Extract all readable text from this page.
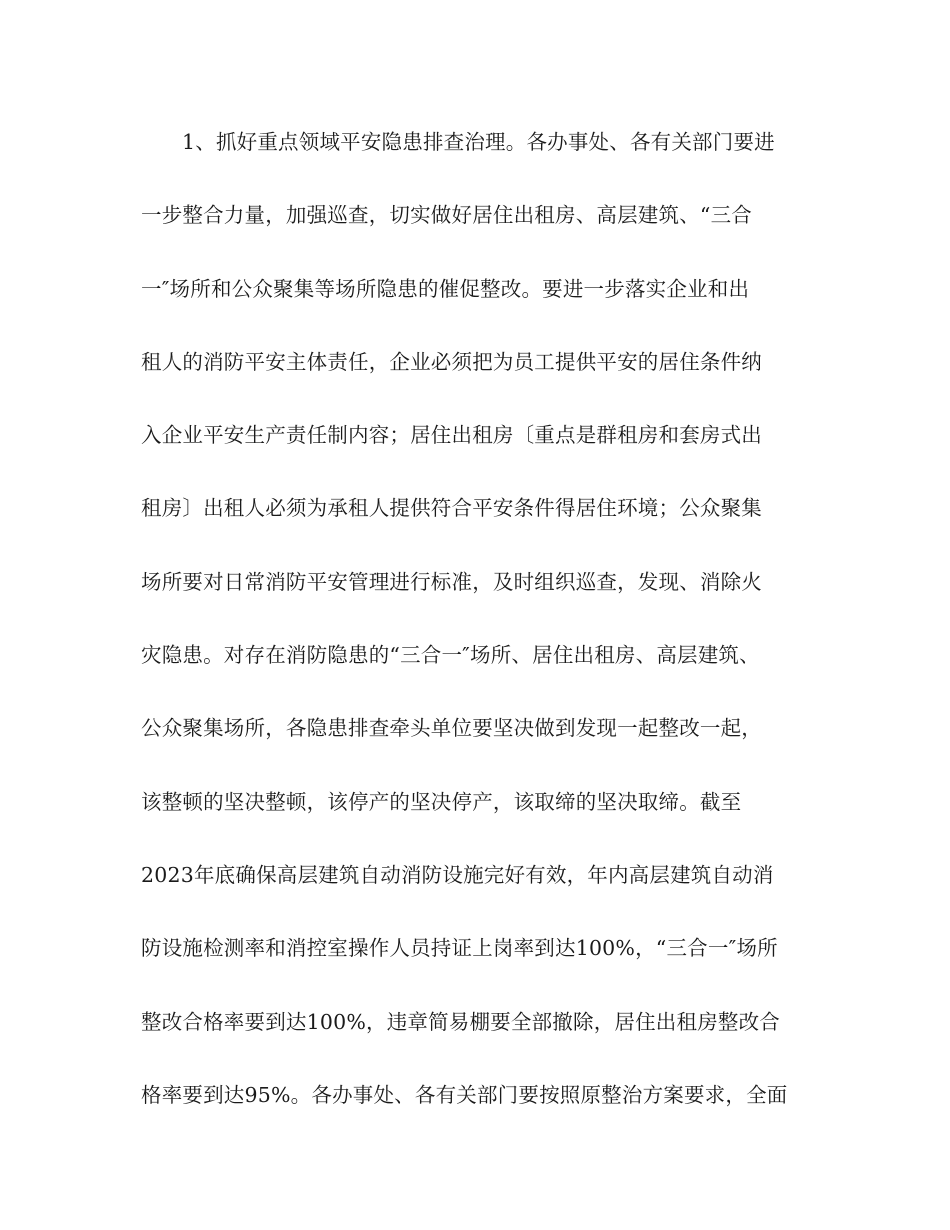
1、抓好重点领域平安隐患排查治理。各办事处、各有关部门要进
一步整合力量，加强巡查，切实做好居住出租房、高层建筑、“三合
一″场所和公众聚集等场所隐患的催促整改。要进一步落实企业和出
租人的消防平安主体责任，企业必须把为员工提供平安的居住条件纳
入企业平安生产责任制内容；居住出租房〔重点是群租房和套房式出
租房〕出租人必须为承租人提供符合平安条件得居住环境；公众聚集
场所要对日常消防平安管理进行标准，及时组织巡查，发现、消除火
灾隐患。对存在消防隐患的“三合一″场所、居住出租房、高层建筑、
公众聚集场所，各隐患排查牵头单位要坚决做到发现一起整改一起，
该整顿的坚决整顿，该停产的坚决停产，该取缔的坚决取缔。截至
2023年底确保高层建筑自动消防设施完好有效，年内高层建筑自动消
防设施检测率和消控室操作人员持证上岗率到达100%，“三合一″场所
整改合格率要到达100%，违章简易棚要全部撤除，居住出租房整改合
格率要到达95%。各办事处、各有关部门要按照原整治方案要求，全面
